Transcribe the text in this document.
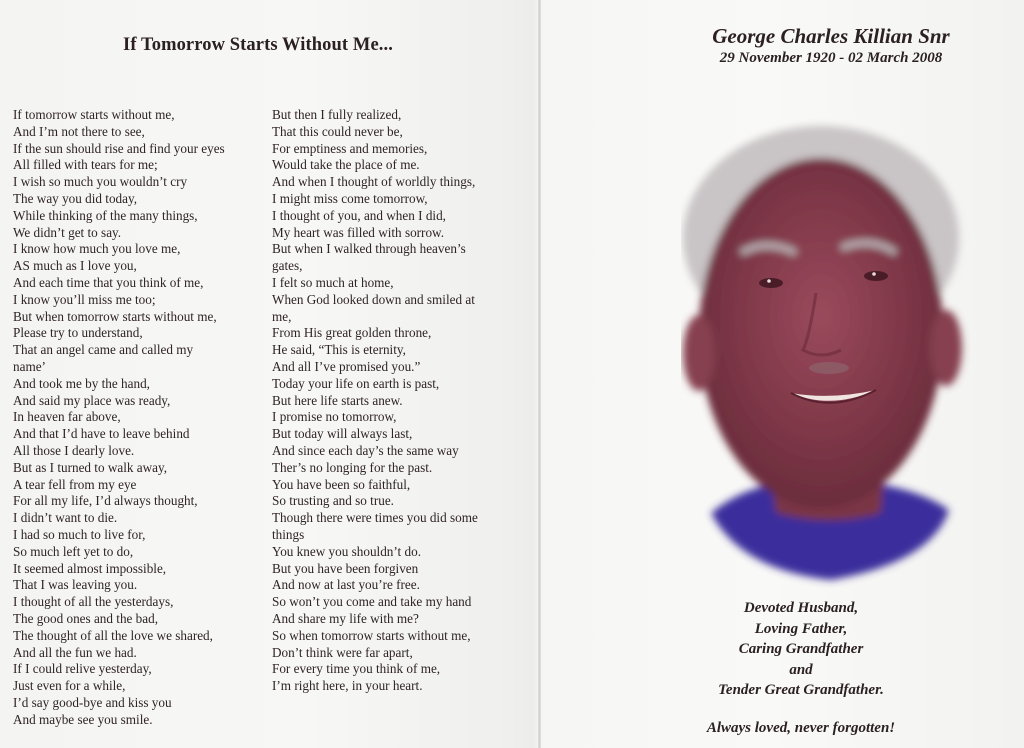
If Tomorrow Starts Without Me...
If tomorrow starts without me,
And I’m not there to see,
If the sun should rise and find your eyes
All filled with tears for me;
I wish so much you wouldn’t cry
The way you did today,
While thinking of the many things,
We didn’t get to say.
I know how much you love me,
AS much as I love you,
And each time that you think of me,
I know you’ll miss me too;
But when tomorrow starts without me,
Please try to understand,
That an angel came and called my
name’
And took me by the hand,
And said my place was ready,
In heaven far above,
And that I’d have to leave behind
All those I dearly love.
But as I turned to walk away,
A tear fell from my eye
For all my life, I’d always thought,
I didn’t want to die.
I had so much to live for,
So much left yet to do,
It seemed almost impossible,
That I was leaving you.
I thought of all the yesterdays,
The good ones and the bad,
The thought of all the love we shared,
And all the fun we had.
If I could relive yesterday,
Just even for a while,
I’d say good-bye and kiss you
And maybe see you smile.
But then I fully realized,
That this could never be,
For emptiness and memories,
Would take the place of me.
And when I thought of worldly things,
I might miss come tomorrow,
I thought of you, and when I did,
My heart was filled with sorrow.
But when I walked through heaven’s
gates,
I felt so much at home,
When God looked down and smiled at
me,
From His great golden throne,
He said, “This is eternity,
And all I’ve promised you.”
Today your life on earth is past,
But here life starts anew.
I promise no tomorrow,
But today will always last,
And since each day’s the same way
Ther’s no longing for the past.
You have been so faithful,
So trusting and so true.
Though there were times you did some
things
You knew you shouldn’t do.
But you have been forgiven
And now at last you’re free.
So won’t you come and take my hand
And share my life with me?
So when tomorrow starts without me,
Don’t think were far apart,
For every time you think of me,
I’m right here, in your heart.
George Charles Killian Snr
29 November 1920 - 02 March 2008
Devoted Husband,
Loving Father,
Caring Grandfather
and
Tender Great Grandfather.
Always loved, never forgotten!
